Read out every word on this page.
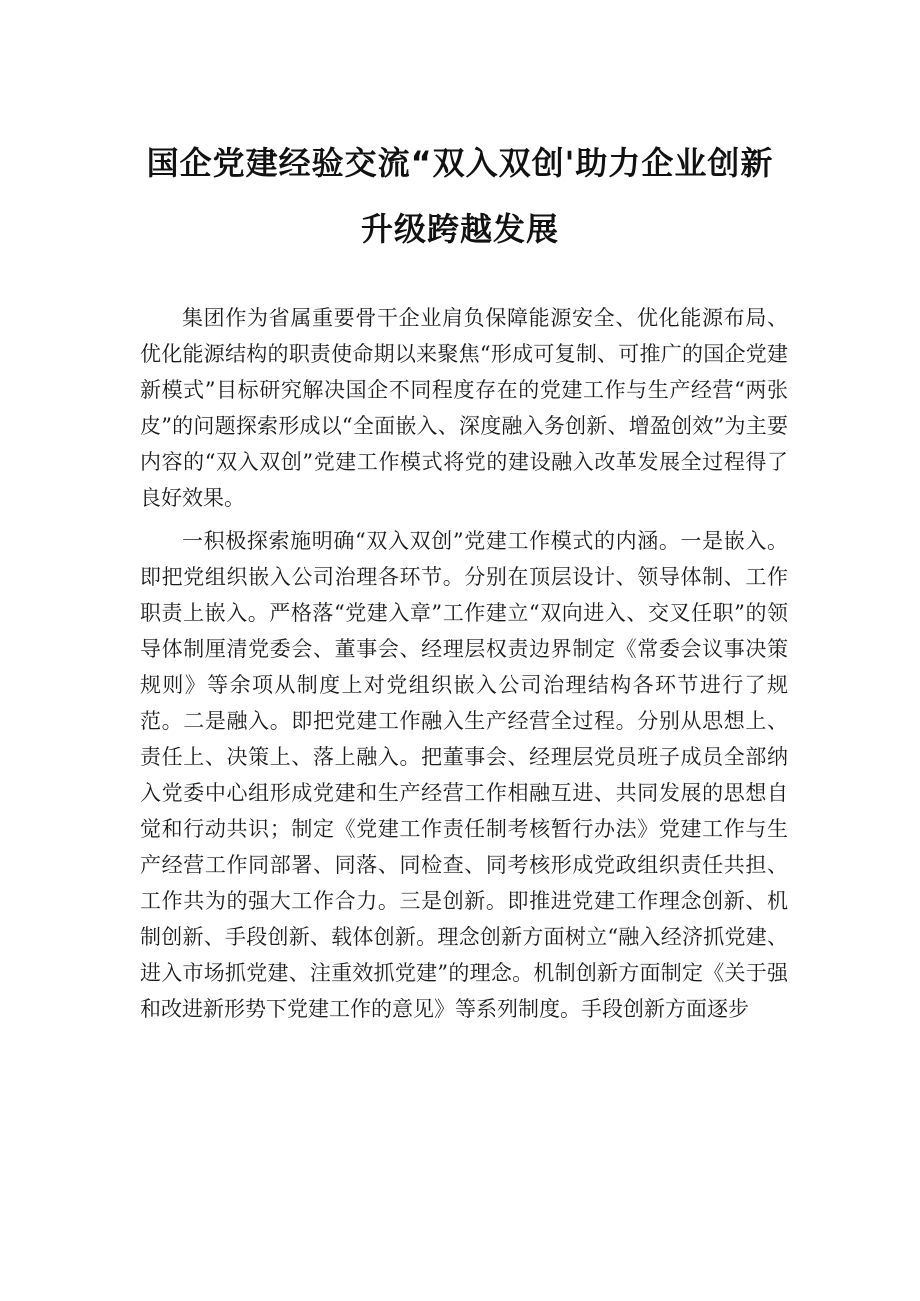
国企党建经验交流“双入双创'助力企业创新
升级跨越发展

集团作为省属重要骨干企业肩负保障能源安全、优化能源布局、优化能源结构的职责使命期以来聚焦“形成可复制、可推广的国企党建新模式”目标研究解决国企不同程度存在的党建工作与生产经营“两张皮”的问题探索形成以“全面嵌入、深度融入务创新、增盈创效”为主要内容的“双入双创”党建工作模式将党的建设融入改革发展全过程得了良好效果。

一积极探索施明确“双入双创”党建工作模式的内涵。一是嵌入。即把党组织嵌入公司治理各环节。分别在顶层设计、领导体制、工作职责上嵌入。严格落“党建入章”工作建立“双向进入、交叉任职”的领导体制厘清党委会、董事会、经理层权责边界制定《常委会议事决策规则》等余项从制度上对党组织嵌入公司治理结构各环节进行了规范。二是融入。即把党建工作融入生产经营全过程。分别从思想上、责任上、决策上、落上融入。把董事会、经理层党员班子成员全部纳入党委中心组形成党建和生产经营工作相融互进、共同发展的思想自觉和行动共识；制定《党建工作责任制考核暂行办法》党建工作与生产经营工作同部署、同落、同检查、同考核形成党政组织责任共担、工作共为的强大工作合力。三是创新。即推进党建工作理念创新、机制创新、手段创新、载体创新。理念创新方面树立“融入经济抓党建、进入市场抓党建、注重效抓党建”的理念。机制创新方面制定《关于强和改进新形势下党建工作的意见》等系列制度。手段创新方面逐步
